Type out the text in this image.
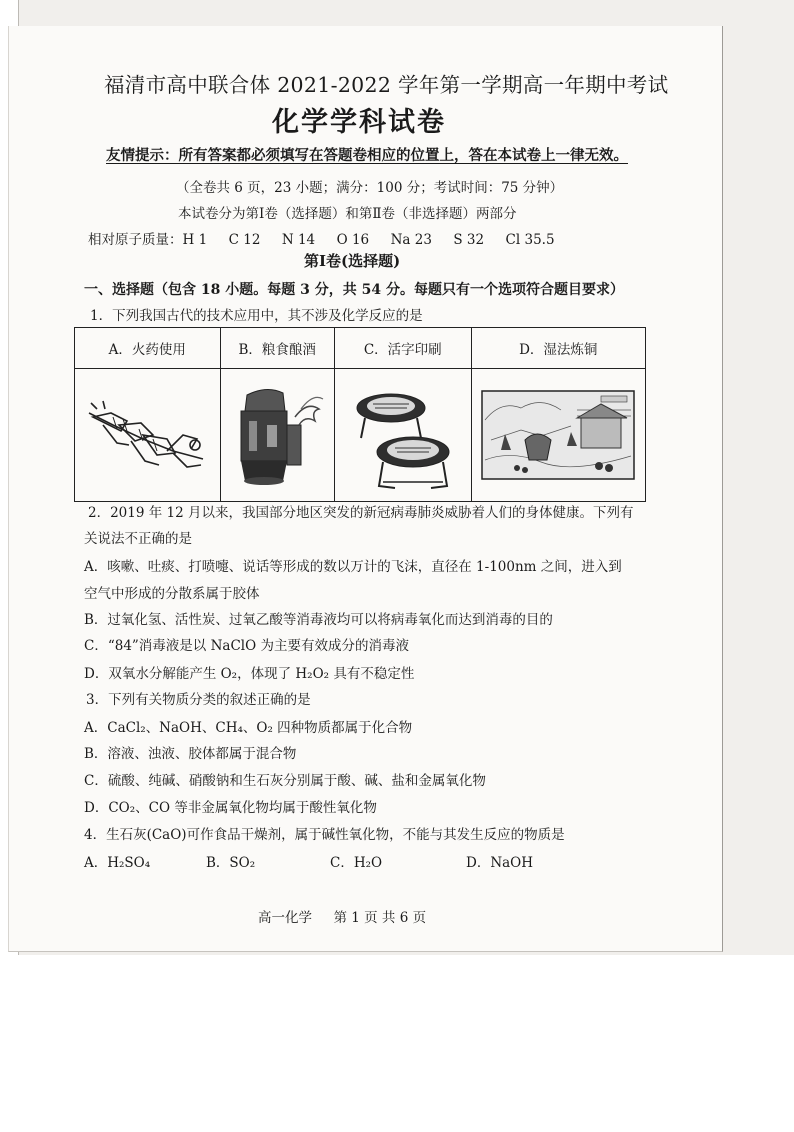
福清市高中联合体 2021-2022 学年第一学期高一年期中考试
化学学科试卷
友情提示：所有答案都必须填写在答题卷相应的位置上，答在本试卷上一律无效。
（全卷共 6 页，23 小题；满分：100 分；考试时间：75 分钟）
本试卷分为第Ⅰ卷（选择题）和第Ⅱ卷（非选择题）两部分
相对原子质量：H 1     C 12     N 14     O 16     Na 23     S 32     Cl 35.5
第Ⅰ卷(选择题)
一、选择题（包含 18 小题。每题 3 分，共 54 分。每题只有一个选项符合题目要求）
1．下列我国古代的技术应用中，其不涉及化学反应的是
A．火药使用	B．粮食酿酒	C．活字印刷	D．湿法炼铜

2．2019 年 12 月以来，我国部分地区突发的新冠病毒肺炎威胁着人们的身体健康。下列有
关说法不正确的是
A．咳嗽、吐痰、打喷嚏、说话等形成的数以万计的飞沫，直径在 1-100nm 之间，进入到
空气中形成的分散系属于胶体
B．过氧化氢、活性炭、过氧乙酸等消毒液均可以将病毒氧化而达到消毒的目的
C．“84”消毒液是以 NaClO 为主要有效成分的消毒液
D．双氧水分解能产生 O₂，体现了 H₂O₂ 具有不稳定性
3．下列有关物质分类的叙述正确的是
A．CaCl₂、NaOH、CH₄、O₂ 四种物质都属于化合物
B．溶液、浊液、胶体都属于混合物
C．硫酸、纯碱、硝酸钠和生石灰分别属于酸、碱、盐和金属氧化物
D．CO₂、CO 等非金属氧化物均属于酸性氧化物
4．生石灰(CaO)可作食品干燥剂，属于碱性氧化物，不能与其发生反应的物质是
A．H₂SO₄	B．SO₂	C．H₂O	D．NaOH
高一化学     第 1 页 共 6 页
